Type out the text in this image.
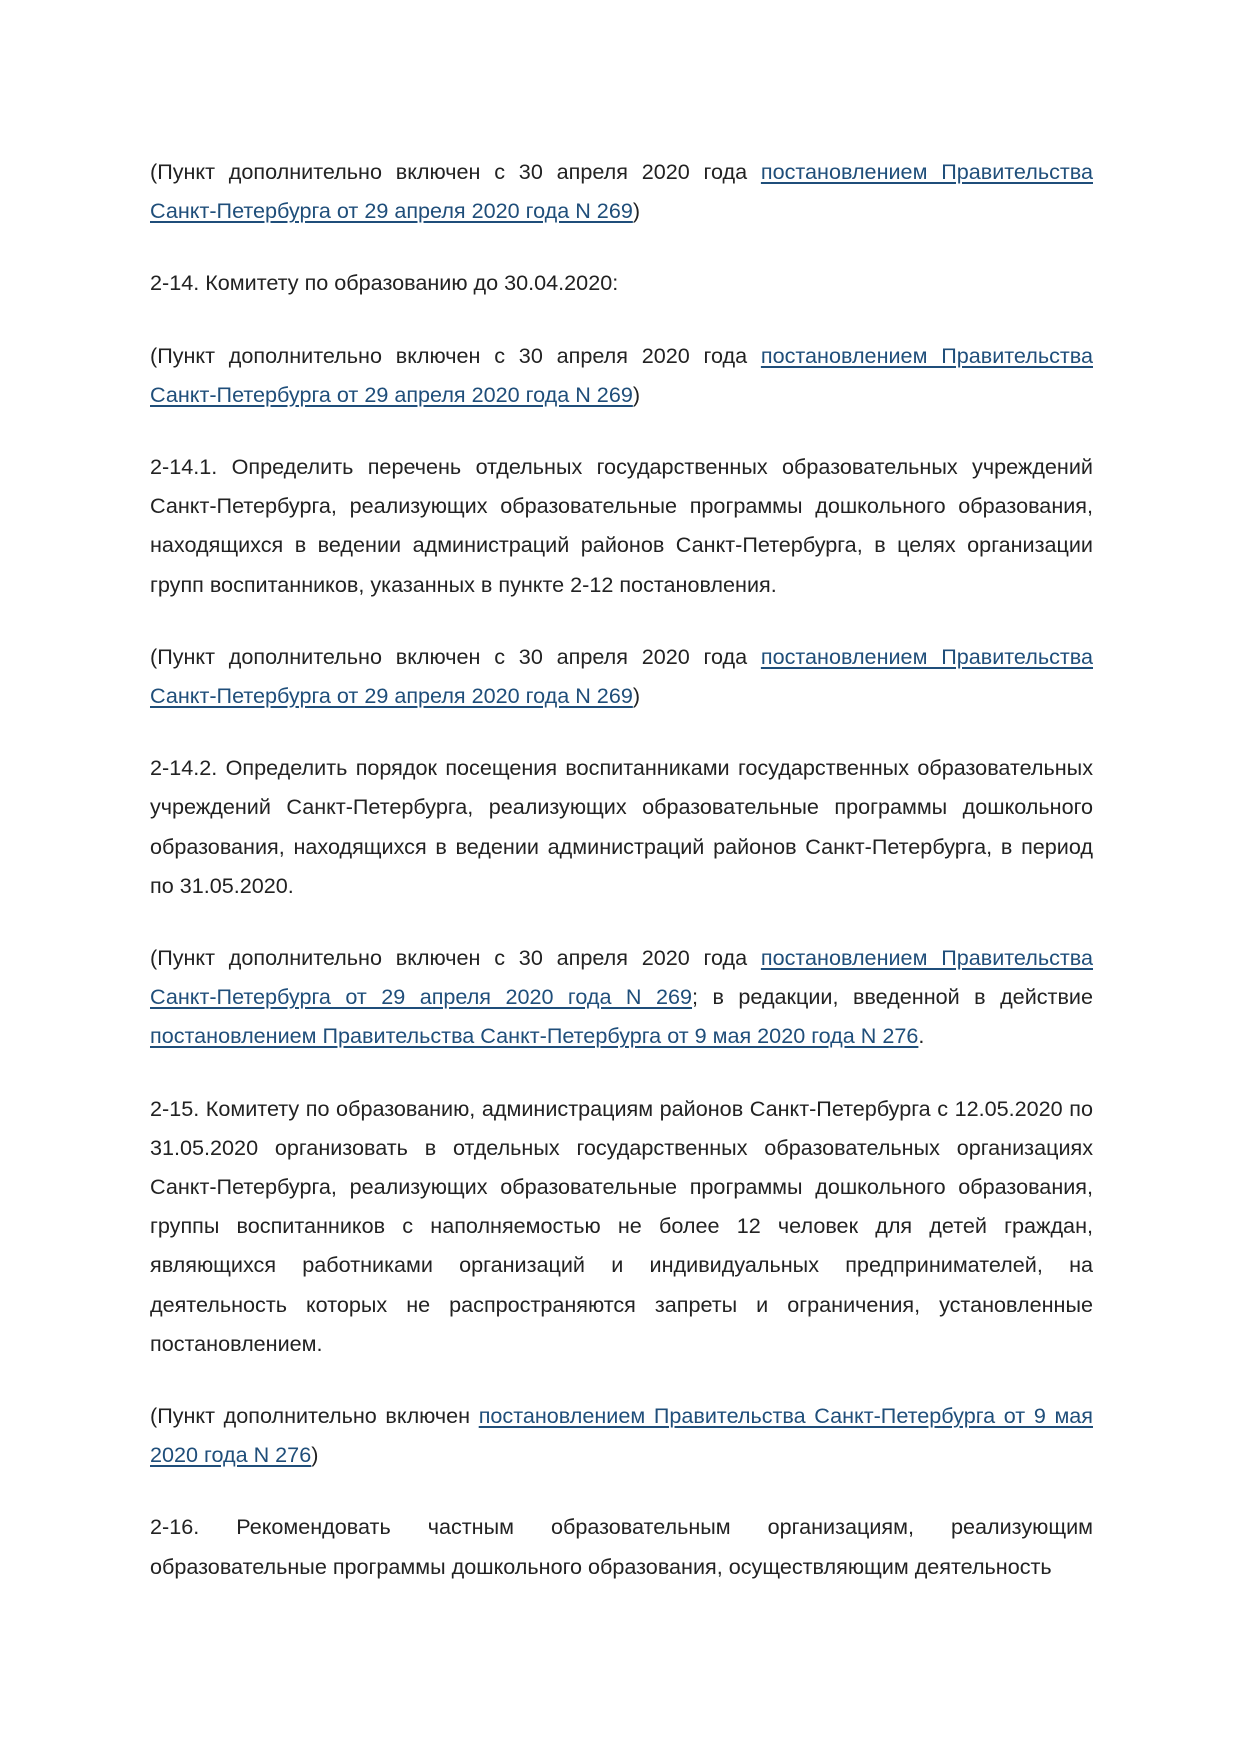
(Пункт дополнительно включен с 30 апреля 2020 года постановлением Правительства Санкт-Петербурга от 29 апреля 2020 года N 269)

2-14. Комитету по образованию до 30.04.2020:

(Пункт дополнительно включен с 30 апреля 2020 года постановлением Правительства Санкт-Петербурга от 29 апреля 2020 года N 269)

2-14.1. Определить перечень отдельных государственных образовательных учреждений Санкт-Петербурга, реализующих образовательные программы дошкольного образования, находящихся в ведении администраций районов Санкт-Петербурга, в целях организации групп воспитанников, указанных в пункте 2-12 постановления.

(Пункт дополнительно включен с 30 апреля 2020 года постановлением Правительства Санкт-Петербурга от 29 апреля 2020 года N 269)

2-14.2. Определить порядок посещения воспитанниками государственных образовательных учреждений Санкт-Петербурга, реализующих образовательные программы дошкольного образования, находящихся в ведении администраций районов Санкт-Петербурга, в период по 31.05.2020.

(Пункт дополнительно включен с 30 апреля 2020 года постановлением Правительства Санкт-Петербурга от 29 апреля 2020 года N 269; в редакции, введенной в действие постановлением Правительства Санкт-Петербурга от 9 мая 2020 года N 276.

2-15. Комитету по образованию, администрациям районов Санкт-Петербурга с 12.05.2020 по 31.05.2020 организовать в отдельных государственных образовательных организациях Санкт-Петербурга, реализующих образовательные программы дошкольного образования, группы воспитанников с наполняемостью не более 12 человек для детей граждан, являющихся работниками организаций и индивидуальных предпринимателей, на деятельность которых не распространяются запреты и ограничения, установленные постановлением.

(Пункт дополнительно включен постановлением Правительства Санкт-Петербурга от 9 мая 2020 года N 276)

2-16. Рекомендовать частным образовательным организациям, реализующим образовательные программы дошкольного образования, осуществляющим деятельность
